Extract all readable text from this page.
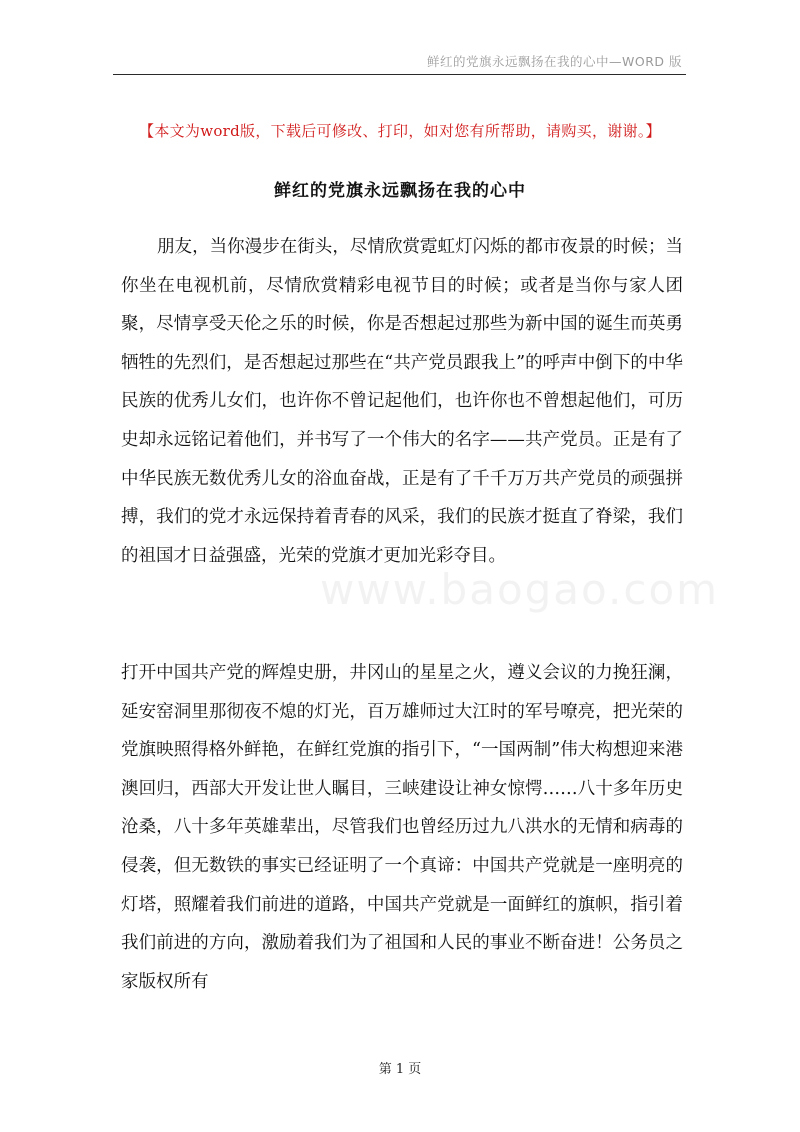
鲜红的党旗永远飘扬在我的心中—WORD 版
【本文为word版，下载后可修改、打印，如对您有所帮助，请购买，谢谢。】
鲜红的党旗永远飘扬在我的心中

朋友，当你漫步在街头，尽情欣赏霓虹灯闪烁的都市夜景的时候；当你坐在电视机前，尽情欣赏精彩电视节目的时候；或者是当你与家人团聚，尽情享受天伦之乐的时候，你是否想起过那些为新中国的诞生而英勇牺牲的先烈们，是否想起过那些在“共产党员跟我上”的呼声中倒下的中华民族的优秀儿女们，也许你不曾记起他们，也许你也不曾想起他们，可历史却永远铭记着他们，并书写了一个伟大的名字——共产党员。正是有了中华民族无数优秀儿女的浴血奋战，正是有了千千万万共产党员的顽强拼搏，我们的党才永远保持着青春的风采，我们的民族才挺直了脊梁，我们的祖国才日益强盛，光荣的党旗才更加光彩夺目。

www.baogao.com

打开中国共产党的辉煌史册，井冈山的星星之火，遵义会议的力挽狂澜，延安窑洞里那彻夜不熄的灯光，百万雄师过大江时的军号嘹亮，把光荣的党旗映照得格外鲜艳，在鲜红党旗的指引下，“一国两制”伟大构想迎来港澳回归，西部大开发让世人瞩目，三峡建设让神女惊愕……八十多年历史沧桑，八十多年英雄辈出，尽管我们也曾经历过九八洪水的无情和病毒的侵袭，但无数铁的事实已经证明了一个真谛：中国共产党就是一座明亮的灯塔，照耀着我们前进的道路，中国共产党就是一面鲜红的旗帜，指引着我们前进的方向，激励着我们为了祖国和人民的事业不断奋进！公务员之家版权所有

第 1 页
